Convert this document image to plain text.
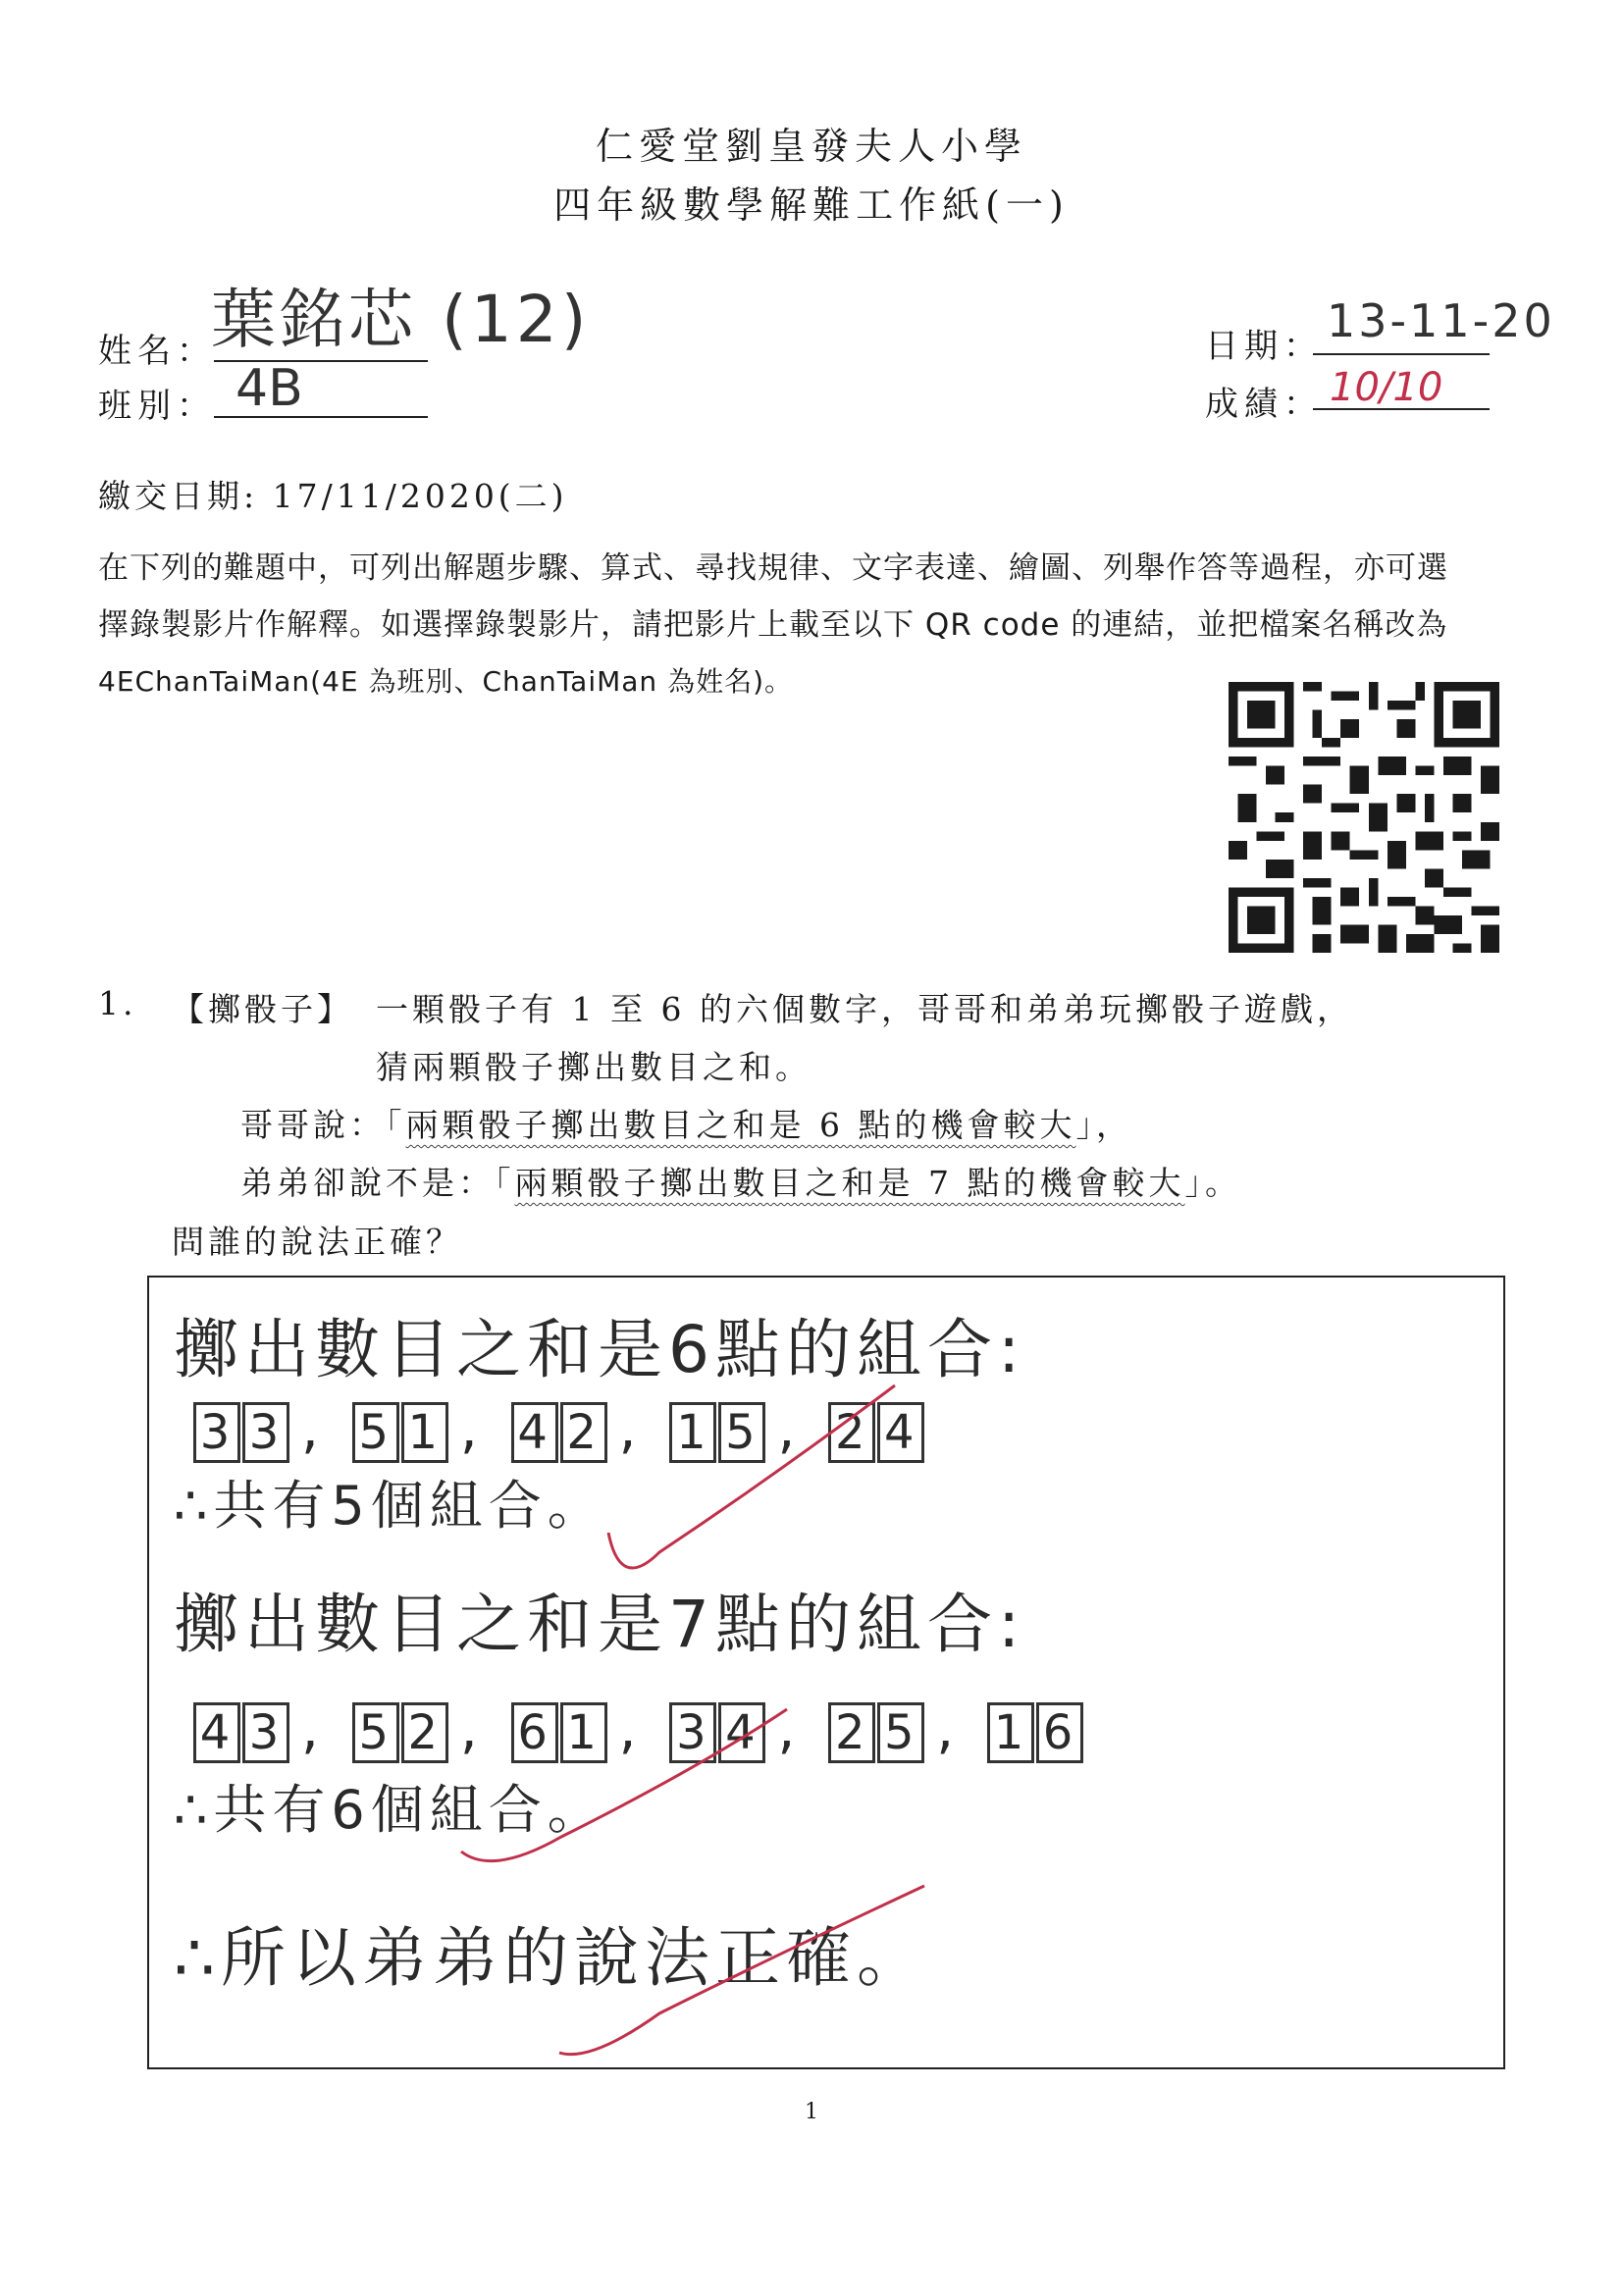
仁愛堂劉皇發夫人小學
四年級數學解難工作紙(一)
姓名：
葉銘芯 (12)
班別： 4B
日期： 13-11-20
成績： 10/10
繳交日期: 17/11/2020(二)
在下列的難題中，可列出解題步驟、算式、尋找規律、文字表達、繪圖、列舉作答等過程，亦可選
擇錄製影片作解釋。如選擇錄製影片，請把影片上載至以下 QR code 的連結，並把檔案名稱改為
4EChanTaiMan(4E 為班別、ChanTaiMan 為姓名)。
1. 【擲骰子】 一顆骰子有 1 至 6 的六個數字，哥哥和弟弟玩擲骰子遊戲，
猜兩顆骰子擲出數目之和。
哥哥說：「兩顆骰子擲出數目之和是 6 點的機會較大」，
弟弟卻說不是：「兩顆骰子擲出數目之和是 7 點的機會較大」。
問誰的說法正確？
擲出數目之和是6點的組合:
3 3 , 5 1 , 4 2 , 1 5 , 2 4
∴共有5個組合。
擲出數目之和是7點的組合:
4 3 , 5 2 , 6 1 , 3 4 , 2 5 , 1 6
∴共有6個組合。
∴所以弟弟的說法正確。
1
